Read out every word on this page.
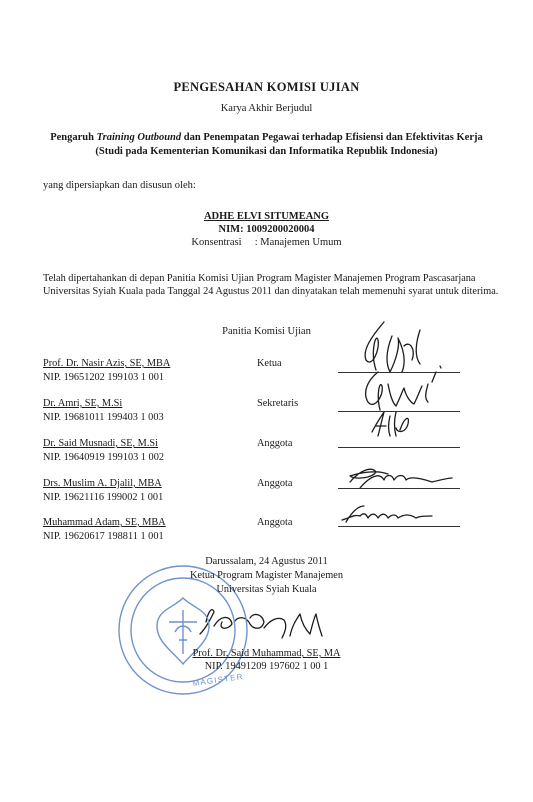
PENGESAHAN KOMISI UJIAN
Karya Akhir Berjudul
Pengaruh Training Outbound dan Penempatan Pegawai terhadap Efisiensi dan Efektivitas Kerja (Studi pada Kementerian Komunikasi dan Informatika Republik Indonesia)
yang dipersiapkan dan disusun oleh:
ADHE ELVI SITUMEANG
NIM: 1009200020004
Konsentrasi     : Manajemen Umum
Telah dipertahankan di depan Panitia Komisi Ujian Program Magister Manajemen Program Pascasarjana Universitas Syiah Kuala pada Tanggal 24 Agustus 2011 dan dinyatakan telah memenuhi syarat untuk diterima.
Panitia Komisi Ujian
Prof. Dr. Nasir Azis, SE, MBA
NIP. 19651202 199103 1 001
Ketua
Dr. Amri, SE, M.Si
NIP. 19681011 199403 1 003
Sekretaris
Dr. Said Musnadi, SE, M.Si
NIP. 19640919 199103 1 002
Anggota
Drs. Muslim A. Djalil, MBA
NIP. 19621116 199002 1 001
Anggota
Muhammad Adam, SE, MBA
NIP. 19620617 198811 1 001
Anggota
MAGISTER
Darussalam, 24 Agustus 2011
Ketua Program Magister Manajemen
Universitas Syiah Kuala
Prof. Dr. Said Muhammad, SE, MA
NIP. 19491209 197602 1 00 1
